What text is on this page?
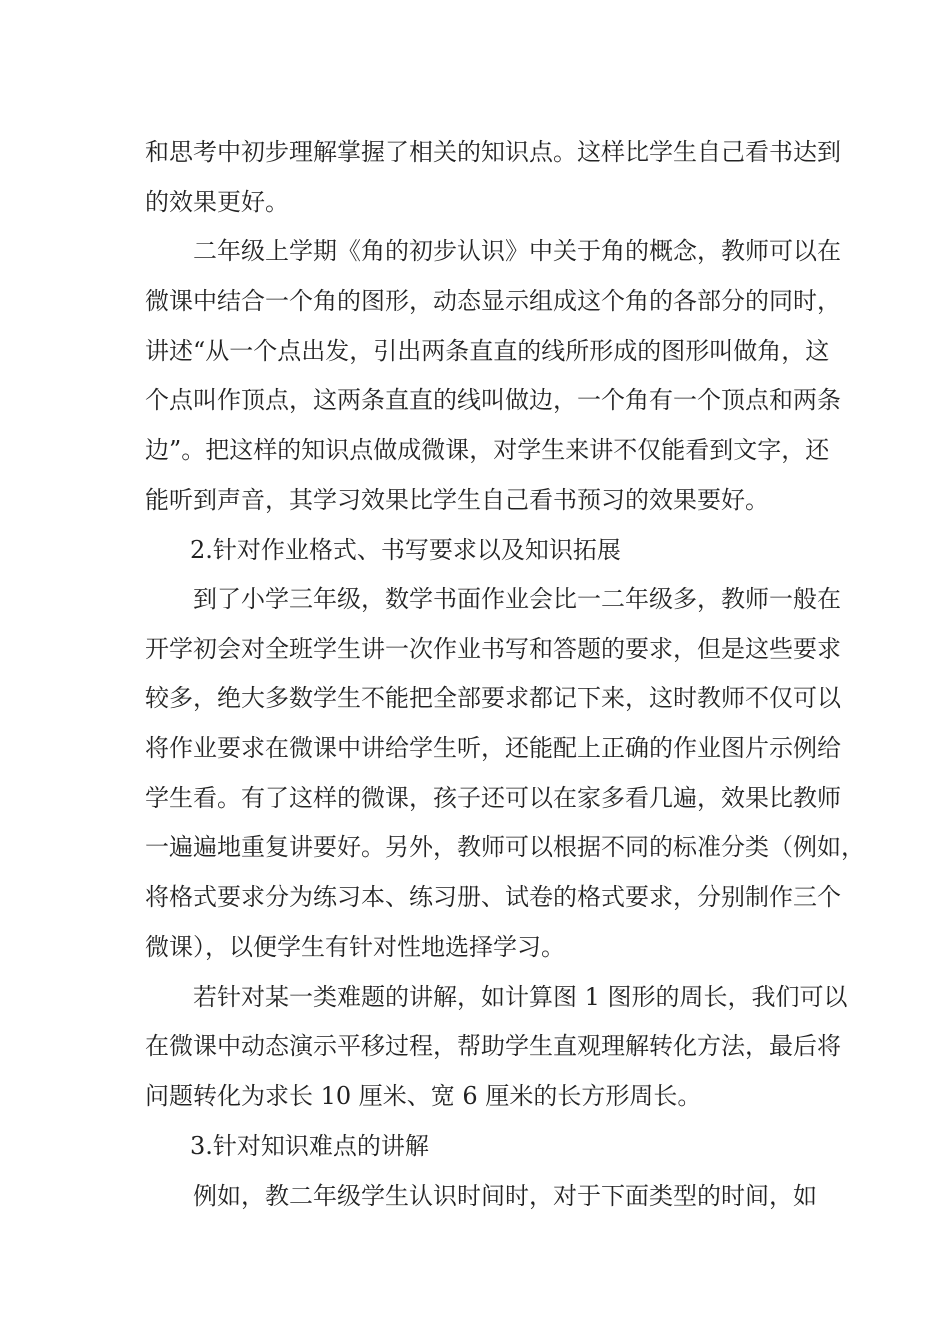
和思考中初步理解掌握了相关的知识点。这样比学生自己看书达到
的效果更好。
二年级上学期《角的初步认识》中关于角的概念，教师可以在
微课中结合一个角的图形，动态显示组成这个角的各部分的同时，
讲述“从一个点出发，引出两条直直的线所形成的图形叫做角，这
个点叫作顶点，这两条直直的线叫做边，一个角有一个顶点和两条
边”。把这样的知识点做成微课，对学生来讲不仅能看到文字，还
能听到声音，其学习效果比学生自己看书预习的效果要好。
2.针对作业格式、书写要求以及知识拓展
到了小学三年级，数学书面作业会比一二年级多，教师一般在
开学初会对全班学生讲一次作业书写和答题的要求，但是这些要求
较多，绝大多数学生不能把全部要求都记下来，这时教师不仅可以
将作业要求在微课中讲给学生听，还能配上正确的作业图片示例给
学生看。有了这样的微课，孩子还可以在家多看几遍，效果比教师
一遍遍地重复讲要好。另外，教师可以根据不同的标准分类（例如，
将格式要求分为练习本、练习册、试卷的格式要求，分别制作三个
微课），以便学生有针对性地选择学习。
若针对某一类难题的讲解，如计算图 1 图形的周长，我们可以
在微课中动态演示平移过程，帮助学生直观理解转化方法，最后将
问题转化为求长 10 厘米、宽 6 厘米的长方形周长。
3.针对知识难点的讲解
例如，教二年级学生认识时间时，对于下面类型的时间，如
